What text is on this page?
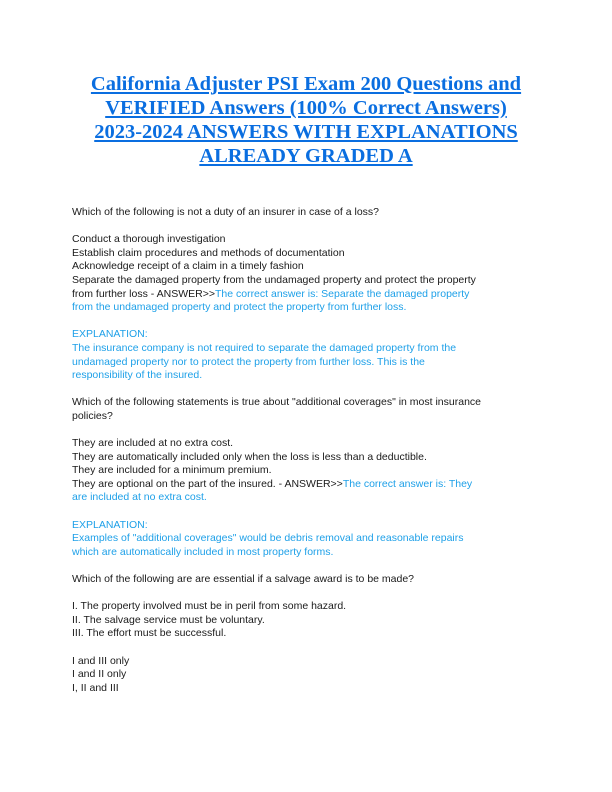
California Adjuster PSI Exam 200 Questions and
VERIFIED Answers (100% Correct Answers)
2023-2024 ANSWERS WITH EXPLANATIONS
ALREADY GRADED A

Which of the following is not a duty of an insurer in case of a loss?

Conduct a thorough investigation

Establish claim procedures and methods of documentation

Acknowledge receipt of a claim in a timely fashion

Separate the damaged property from the undamaged property and protect the property

from further loss - ANSWER>>The correct answer is: Separate the damaged property

from the undamaged property and protect the property from further loss.

EXPLANATION:

The insurance company is not required to separate the damaged property from the

undamaged property nor to protect the property from further loss. This is the

responsibility of the insured.

Which of the following statements is true about "additional coverages" in most insurance

policies?

They are included at no extra cost.

They are automatically included only when the loss is less than a deductible.

They are included for a minimum premium.

They are optional on the part of the insured. - ANSWER>>The correct answer is: They

are included at no extra cost.

EXPLANATION:

Examples of "additional coverages" would be debris removal and reasonable repairs

which are automatically included in most property forms.

Which of the following are are essential if a salvage award is to be made?

I. The property involved must be in peril from some hazard.

II. The salvage service must be voluntary.

III. The effort must be successful.

I and III only

I and II only

I, II and III
